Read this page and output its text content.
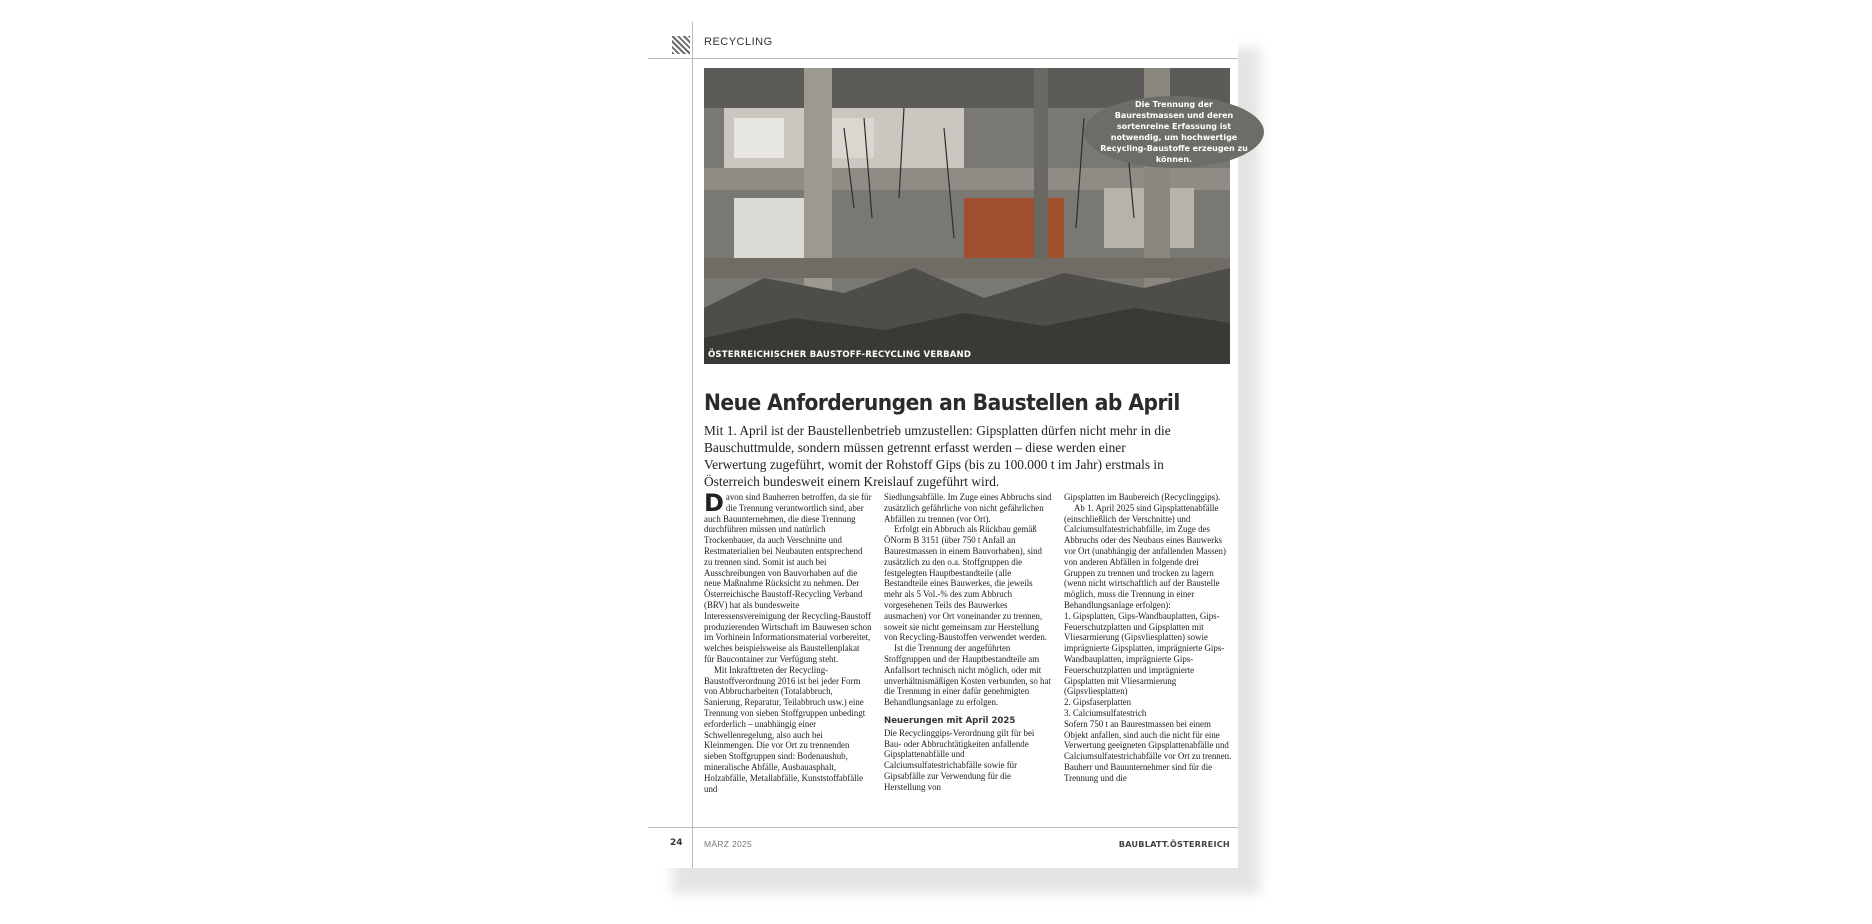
RECYCLING
Die Trennung der Baurestmassen und deren sortenreine Erfassung ist notwendig, um hochwertige Recycling-Baustoffe erzeugen zu können.
ÖSTERREICHISCHER BAUSTOFF-RECYCLING VERBAND
Neue Anforderungen an Baustellen ab April
Mit 1. April ist der Baustellenbetrieb umzustellen: Gipsplatten dürfen nicht mehr in die Bauschuttmulde, sondern müssen getrennt erfasst werden – diese werden einer Verwertung zugeführt, womit der Rohstoff Gips (bis zu 100.000 t im Jahr) erstmals in Österreich bundesweit einem Kreislauf zugeführt wird.

Davon sind Bauherren betroffen, da sie für die Trennung verantwortlich sind, aber auch Bauunternehmen, die diese Trennung durchführen müssen und natürlich Trockenbauer, da auch Verschnitte und Restmaterialien bei Neubauten entsprechend zu trennen sind. Somit ist auch bei Ausschreibungen von Bauvorhaben auf die neue Maßnahme Rücksicht zu nehmen. Der Österreichische Baustoff-Recycling Verband (BRV) hat als bundesweite Interessensvereinigung der Recycling-Baustoff produzierenden Wirtschaft im Bauwesen schon im Vorhinein Informationsmaterial vorbereitet, welches beispielsweise als Baustellenplakat für Baucontainer zur Verfügung steht.

Mit Inkrafttreten der Recycling-Baustoffverordnung 2016 ist bei jeder Form von Abbrucharbeiten (Totalabbruch, Sanierung, Reparatur, Teilabbruch usw.) eine Trennung von sieben Stoffgruppen unbedingt erforderlich – unabhängig einer Schwellenregelung, also auch bei Kleinmengen. Die vor Ort zu trennenden sieben Stoffgruppen sind: Bodenaushub, mineralische Abfälle, Ausbauasphalt, Holzabfälle, Metallabfälle, Kunststoffabfälle und

Siedlungsabfälle. Im Zuge eines Abbruchs sind zusätzlich gefährliche von nicht gefährlichen Abfällen zu trennen (vor Ort).

Erfolgt ein Abbruch als Rückbau gemäß ÖNorm B 3151 (über 750 t Anfall an Baurestmassen in einem Bauvorhaben), sind zusätzlich zu den o.a. Stoffgruppen die festgelegten Hauptbestandteile (alle Bestandteile eines Bauwerkes, die jeweils mehr als 5 Vol.-% des zum Abbruch vorgesehenen Teils des Bauwerkes ausmachen) vor Ort voneinander zu trennen, soweit sie nicht gemeinsam zur Herstellung von Recycling-Baustoffen verwendet werden.

Ist die Trennung der angeführten Stoffgruppen und der Hauptbestandteile am Anfallsort technisch nicht möglich, oder mit unverhältnismäßigen Kosten verbunden, so hat die Trennung in einer dafür genehmigten Behandlungsanlage zu erfolgen.

Neuerungen mit April 2025

Die Recyclinggips-Verordnung gilt für bei Bau- oder Abbruchtätigkeiten anfallende Gipsplattenabfälle und Calciumsulfatestrichabfälle sowie für Gipsabfälle zur Verwendung für die Herstellung von

Gipsplatten im Baubereich (Recyclinggips).

Ab 1. April 2025 sind Gipsplattenabfälle (einschließlich der Verschnitte) und Calciumsulfatestrichabfälle, im Zuge des Abbruchs oder des Neubaus eines Bauwerks vor Ort (unabhängig der anfallenden Massen) von anderen Abfällen in folgende drei Gruppen zu trennen und trocken zu lagern (wenn nicht wirtschaftlich auf der Baustelle möglich, muss die Trennung in einer Behandlungsanlage erfolgen):

1. Gipsplatten, Gips-Wandbauplatten, Gips-Feuerschutzplatten und Gipsplatten mit Vliesarmierung (Gipsvliesplatten) sowie imprägnierte Gipsplatten, imprägnierte Gips-Wandbauplatten, imprägnierte Gips-Feuerschutzplatten und imprägnierte Gipsplatten mit Vliesarmierung (Gipsvliesplatten)

2. Gipsfaserplatten

3. Calciumsulfatestrich

Sofern 750 t an Baurestmassen bei einem Objekt anfallen, sind auch die nicht für eine Verwertung geeigneten Gipsplattenabfälle und Calciumsulfatestrichabfälle vor Ort zu trennen. Bauherr und Bauunternehmer sind für die Trennung und die

24	MÄRZ 2025	BAUBLATT.ÖSTERREICH
